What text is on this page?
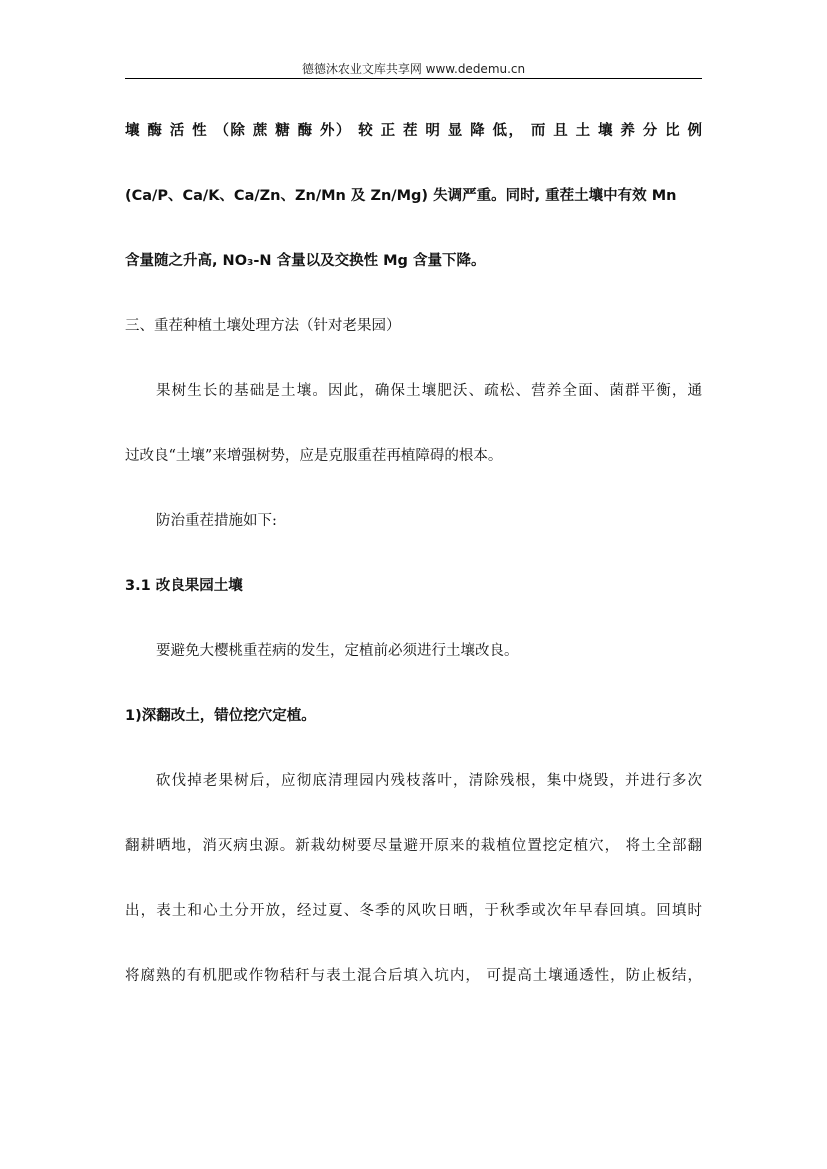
德德沐农业文库共享网 www.dedemu.cn
壤 酶 活 性 （除 蔗 糖 酶 外） 较 正 茬 明 显 降 低， 而 且 土 壤 养 分 比 例
(Ca/P、Ca/K、Ca/Zn、Zn/Mn 及 Zn/Mg) 失调严重。同时, 重茬土壤中有效 Mn
含量随之升高, NO₃-N 含量以及交换性 Mg 含量下降。
三、重茬种植土壤处理方法（针对老果园）
果树生长的基础是土壤。因此，确保土壤肥沃、疏松、营养全面、菌群平衡，通
过改良“土壤”来增强树势，应是克服重茬再植障碍的根本。
防治重茬措施如下:
3.1 改良果园土壤
要避免大樱桃重茬病的发生，定植前必须进行土壤改良。
1)深翻改土，错位挖穴定植。
砍伐掉老果树后，应彻底清理园内残枝落叶，清除残根，集中烧毁，并进行多次
翻耕晒地，消灭病虫源。新栽幼树要尽量避开原来的栽植位置挖定植穴， 将土全部翻
出，表土和心土分开放，经过夏、冬季的风吹日晒，于秋季或次年早春回填。回填时
将腐熟的有机肥或作物秸秆与表土混合后填入坑内， 可提高土壤通透性，防止板结，
